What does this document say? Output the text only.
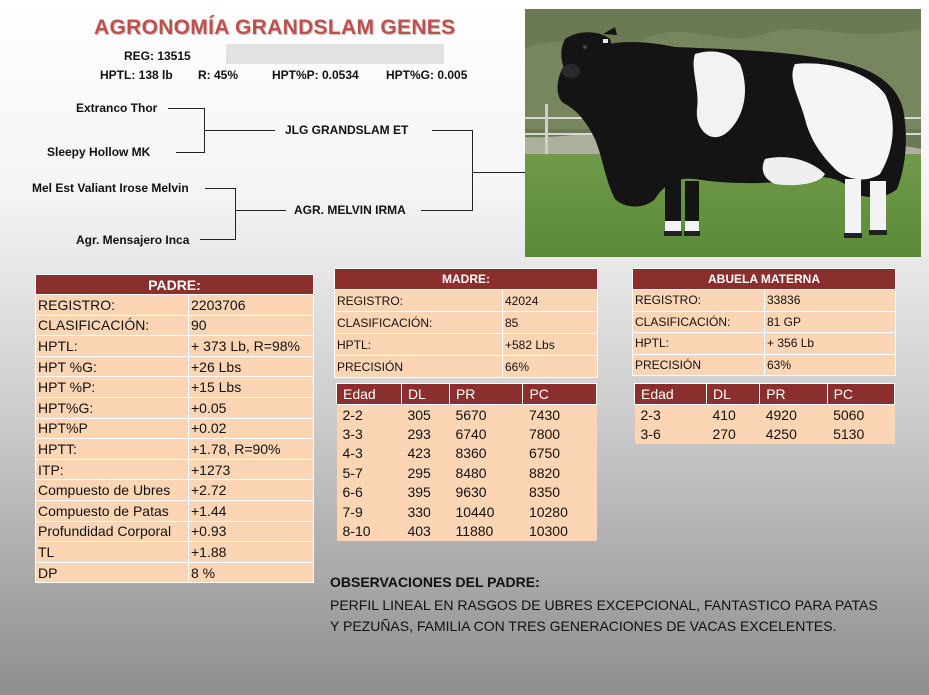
AGRONOMÍA GRANDSLAM GENES
REG: 13515
HPTL: 138 lb R: 45%	HPT%P: 0.0534 HPT%G: 0.005
Extranco Thor
Sleepy Hollow MK
Mel Est Valiant Irose Melvin
Agr. Mensajero Inca
JLG GRANDSLAM ET
AGR. MELVIN IRMA
PADRE:	
REGISTRO:	2203706
CLASIFICACIÓN:	90
HPTL:	+ 373 Lb, R=98%
HPT %G:	+26 Lbs
HPT %P:	+15 Lbs
HPT%G:	+0.05
HPT%P	+0.02
HPTT:	+1.78, R=90%
ITP:	+1273
Compuesto de Ubres	+2.72
Compuesto de Patas	+1.44
Profundidad Corporal	+0.93
TL	+1.88
DP	8 %
MADRE:	
REGISTRO:	42024
CLASIFICACIÓN:	85
HPTL:	+582 Lbs
PRECISIÓN	66%
Edad	DL	PR	PC
2-2	305	5670	7430
3-3	293	6740	7800
4-3	423	8360	6750
5-7	295	8480	8820
6-6	395	9630	8350
7-9	330	10440	10280
8-10	403	11880	10300
ABUELA MATERNA	
REGISTRO:	33836
CLASIFICACIÓN:	81 GP
HPTL:	+ 356 Lb
PRECISIÓN	63%
Edad	DL	PR	PC
2-3	410	4920	5060
3-6	270	4250	5130
OBSERVACIONES DEL PADRE:
PERFIL LINEAL EN RASGOS DE UBRES EXCEPCIONAL, FANTASTICO PARA PATAS Y PEZUÑAS, FAMILIA CON TRES GENERACIONES DE VACAS EXCELENTES.
